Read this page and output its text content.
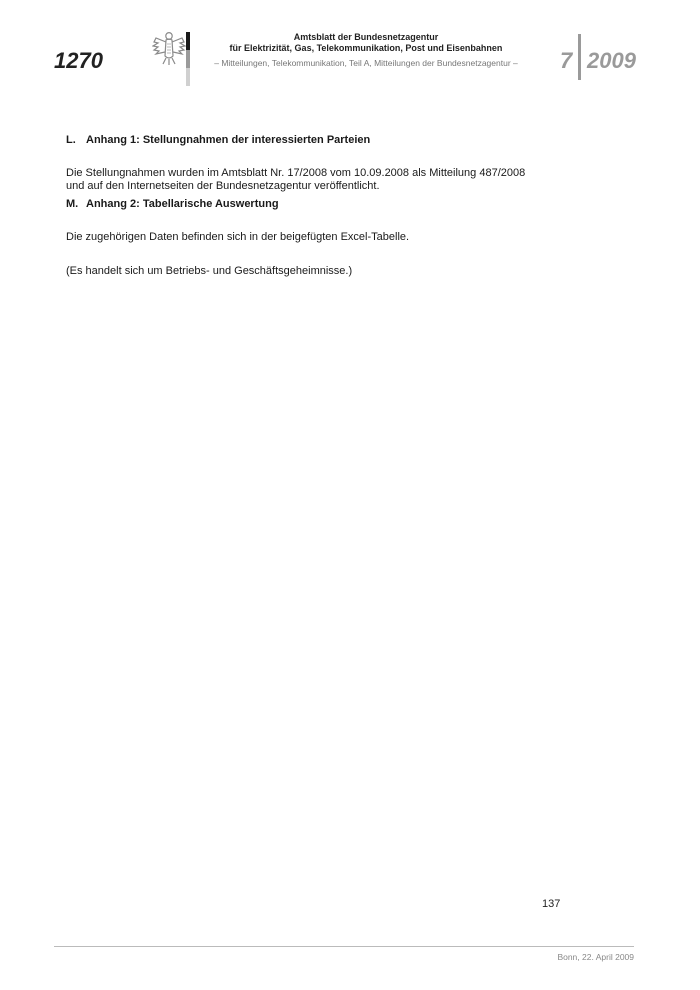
1270
Amtsblatt der Bundesnetzagentur
für Elektrizität, Gas, Telekommunikation, Post und Eisenbahnen
– Mitteilungen, Telekommunikation, Teil A, Mitteilungen der Bundesnetzagentur –	7 2009

L. Anhang 1: Stellungnahmen der interessierten Parteien

Die Stellungnahmen wurden im Amtsblatt Nr. 17/2008 vom 10.09.2008 als Mitteilung 487/2008 und auf den Internetseiten der Bundesnetzagentur veröffentlicht.

M. Anhang 2: Tabellarische Auswertung

Die zugehörigen Daten befinden sich in der beigefügten Excel-Tabelle.

(Es handelt sich um Betriebs- und Geschäftsgeheimnisse.)

137
Bonn, 22. April 2009
